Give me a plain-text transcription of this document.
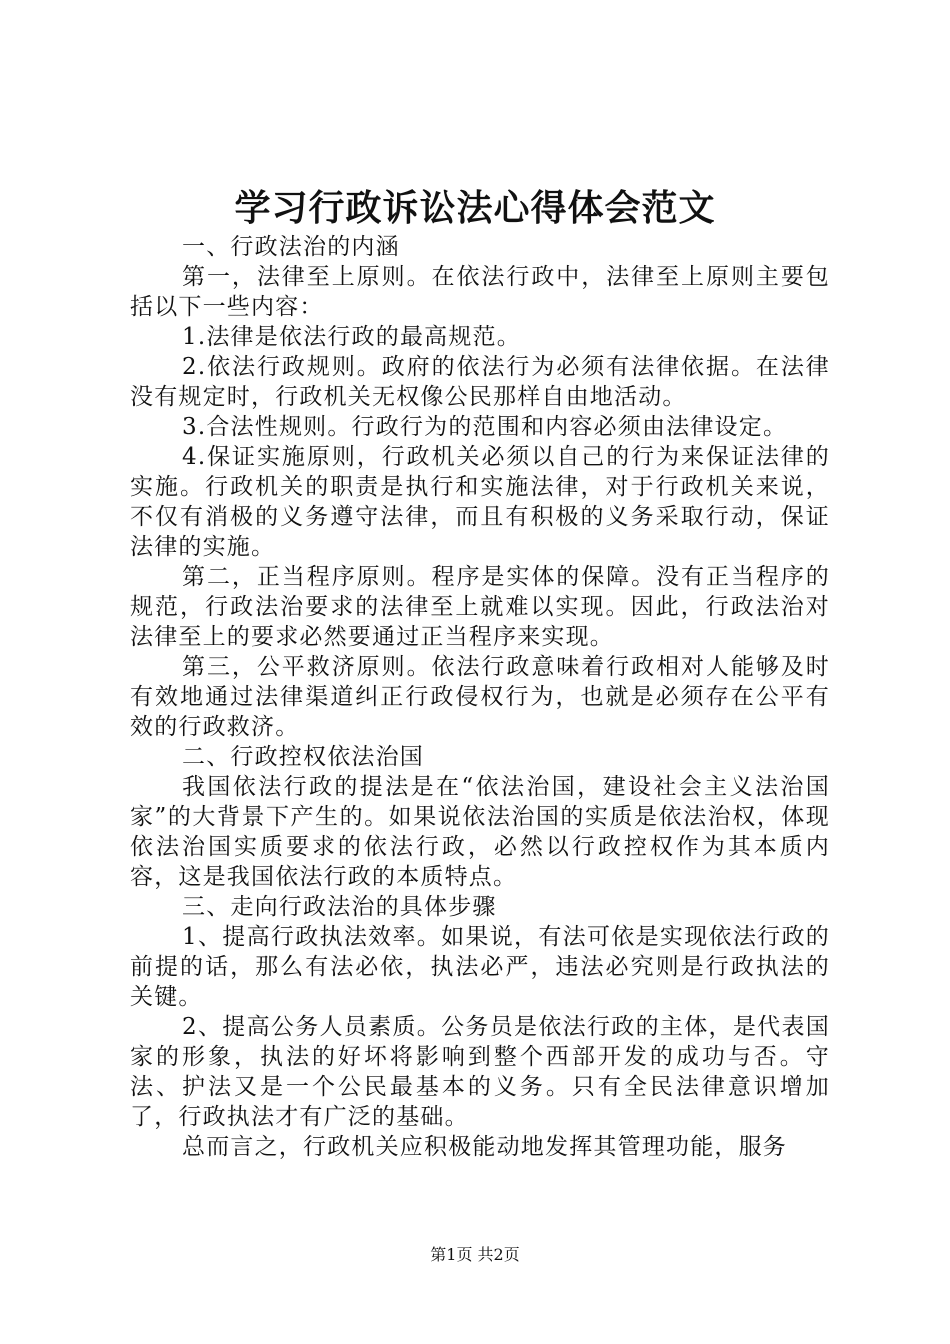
学习行政诉讼法心得体会范文

一、行政法治的内涵

第一，法律至上原则。在依法行政中，法律至上原则主要包括以下一些内容：

1.法律是依法行政的最高规范。

2.依法行政规则。政府的依法行为必须有法律依据。在法律没有规定时，行政机关无权像公民那样自由地活动。

3.合法性规则。行政行为的范围和内容必须由法律设定。

4.保证实施原则，行政机关必须以自己的行为来保证法律的实施。行政机关的职责是执行和实施法律，对于行政机关来说，不仅有消极的义务遵守法律，而且有积极的义务采取行动，保证法律的实施。

第二，正当程序原则。程序是实体的保障。没有正当程序的规范，行政法治要求的法律至上就难以实现。因此，行政法治对法律至上的要求必然要通过正当程序来实现。

第三，公平救济原则。依法行政意味着行政相对人能够及时有效地通过法律渠道纠正行政侵权行为，也就是必须存在公平有效的行政救济。

二、行政控权依法治国

我国依法行政的提法是在“依法治国，建设社会主义法治国家”的大背景下产生的。如果说依法治国的实质是依法治权，体现依法治国实质要求的依法行政，必然以行政控权作为其本质内容，这是我国依法行政的本质特点。

三、走向行政法治的具体步骤

1、提高行政执法效率。如果说，有法可依是实现依法行政的前提的话，那么有法必依，执法必严，违法必究则是行政执法的关键。

2、提高公务人员素质。公务员是依法行政的主体，是代表国家的形象，执法的好坏将影响到整个西部开发的成功与否。守法、护法又是一个公民最基本的义务。只有全民法律意识增加了，行政执法才有广泛的基础。

总而言之，行政机关应积极能动地发挥其管理功能，服务

第1页 共2页
